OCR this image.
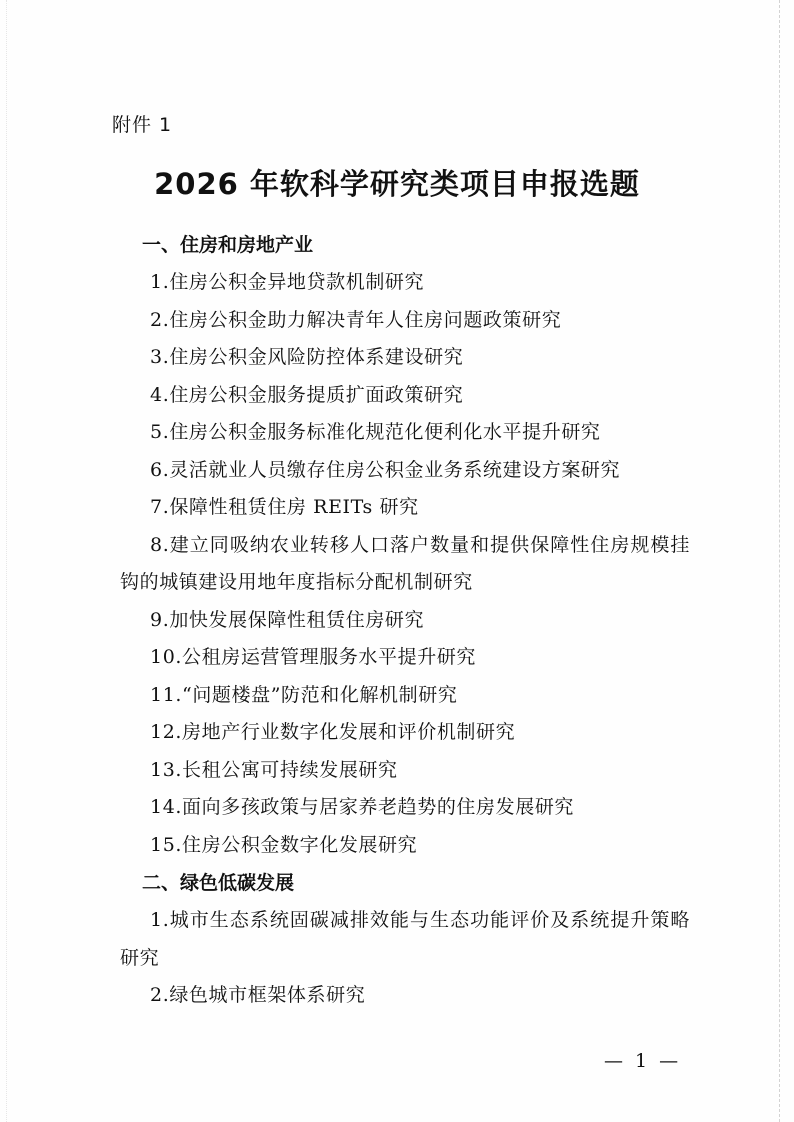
附件 1
2026 年软科学研究类项目申报选题
一、住房和房地产业
1.住房公积金异地贷款机制研究
2.住房公积金助力解决青年人住房问题政策研究
3.住房公积金风险防控体系建设研究
4.住房公积金服务提质扩面政策研究
5.住房公积金服务标准化规范化便利化水平提升研究
6.灵活就业人员缴存住房公积金业务系统建设方案研究
7.保障性租赁住房 REITs 研究
8.建立同吸纳农业转移人口落户数量和提供保障性住房规模挂钩的城镇建设用地年度指标分配机制研究
9.加快发展保障性租赁住房研究
10.公租房运营管理服务水平提升研究
11.“问题楼盘”防范和化解机制研究
12.房地产行业数字化发展和评价机制研究
13.长租公寓可持续发展研究
14.面向多孩政策与居家养老趋势的住房发展研究
15.住房公积金数字化发展研究
二、绿色低碳发展
1.城市生态系统固碳减排效能与生态功能评价及系统提升策略研究
2.绿色城市框架体系研究
— 1 —
